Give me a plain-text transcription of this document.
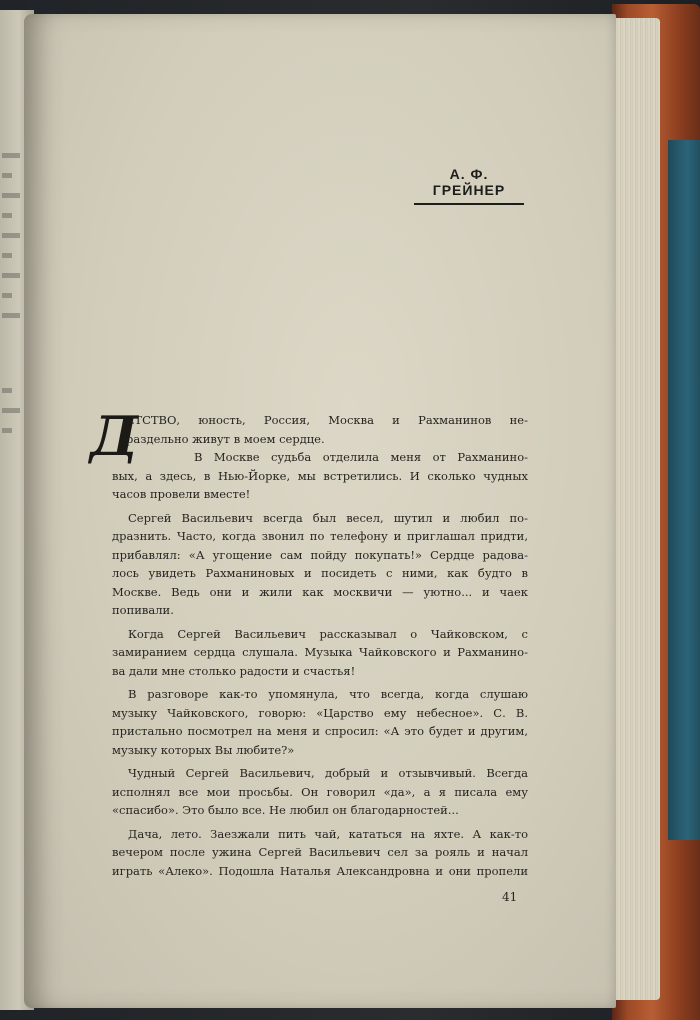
А. Ф. ГРЕЙНЕР
Д
ЕТСТВО, юность, Россия, Москва и Рахманинов не-
раздельно живут в моем сердце.
В Москве судьба отделила меня от Рахманино-
вых, а здесь, в Нью-Йорке, мы встретились. И сколько чудных
часов провели вместе!
Сергей Васильевич всегда был весел, шутил и любил по-
дразнить. Часто, когда звонил по телефону и приглашал придти,
прибавлял: «А угощение сам пойду покупать!» Сердце радова-
лось увидеть Рахманиновых и посидеть с ними, как будто в
Москве. Ведь они и жили как москвичи — уютно... и чаек
попивали.
Когда Сергей Васильевич рассказывал о Чайковском, с
замиранием сердца слушала. Музыка Чайковского и Рахманино-
ва дали мне столько радости и счастья!
В разговоре как-то упомянула, что всегда, когда слушаю
музыку Чайковского, говорю: «Царство ему небесное». С. В.
пристально посмотрел на меня и спросил: «А это будет и другим,
музыку которых Вы любите?»
Чудный Сергей Васильевич, добрый и отзывчивый. Всегда
исполнял все мои просьбы. Он говорил «да», а я писала ему
«спасибо». Это было все. Не любил он благодарностей...
Дача, лето. Заезжали пить чай, кататься на яхте. А как-то
вечером после ужина Сергей Васильевич сел за рояль и начал
играть «Алеко». Подошла Наталья Александровна и они пропели
41
